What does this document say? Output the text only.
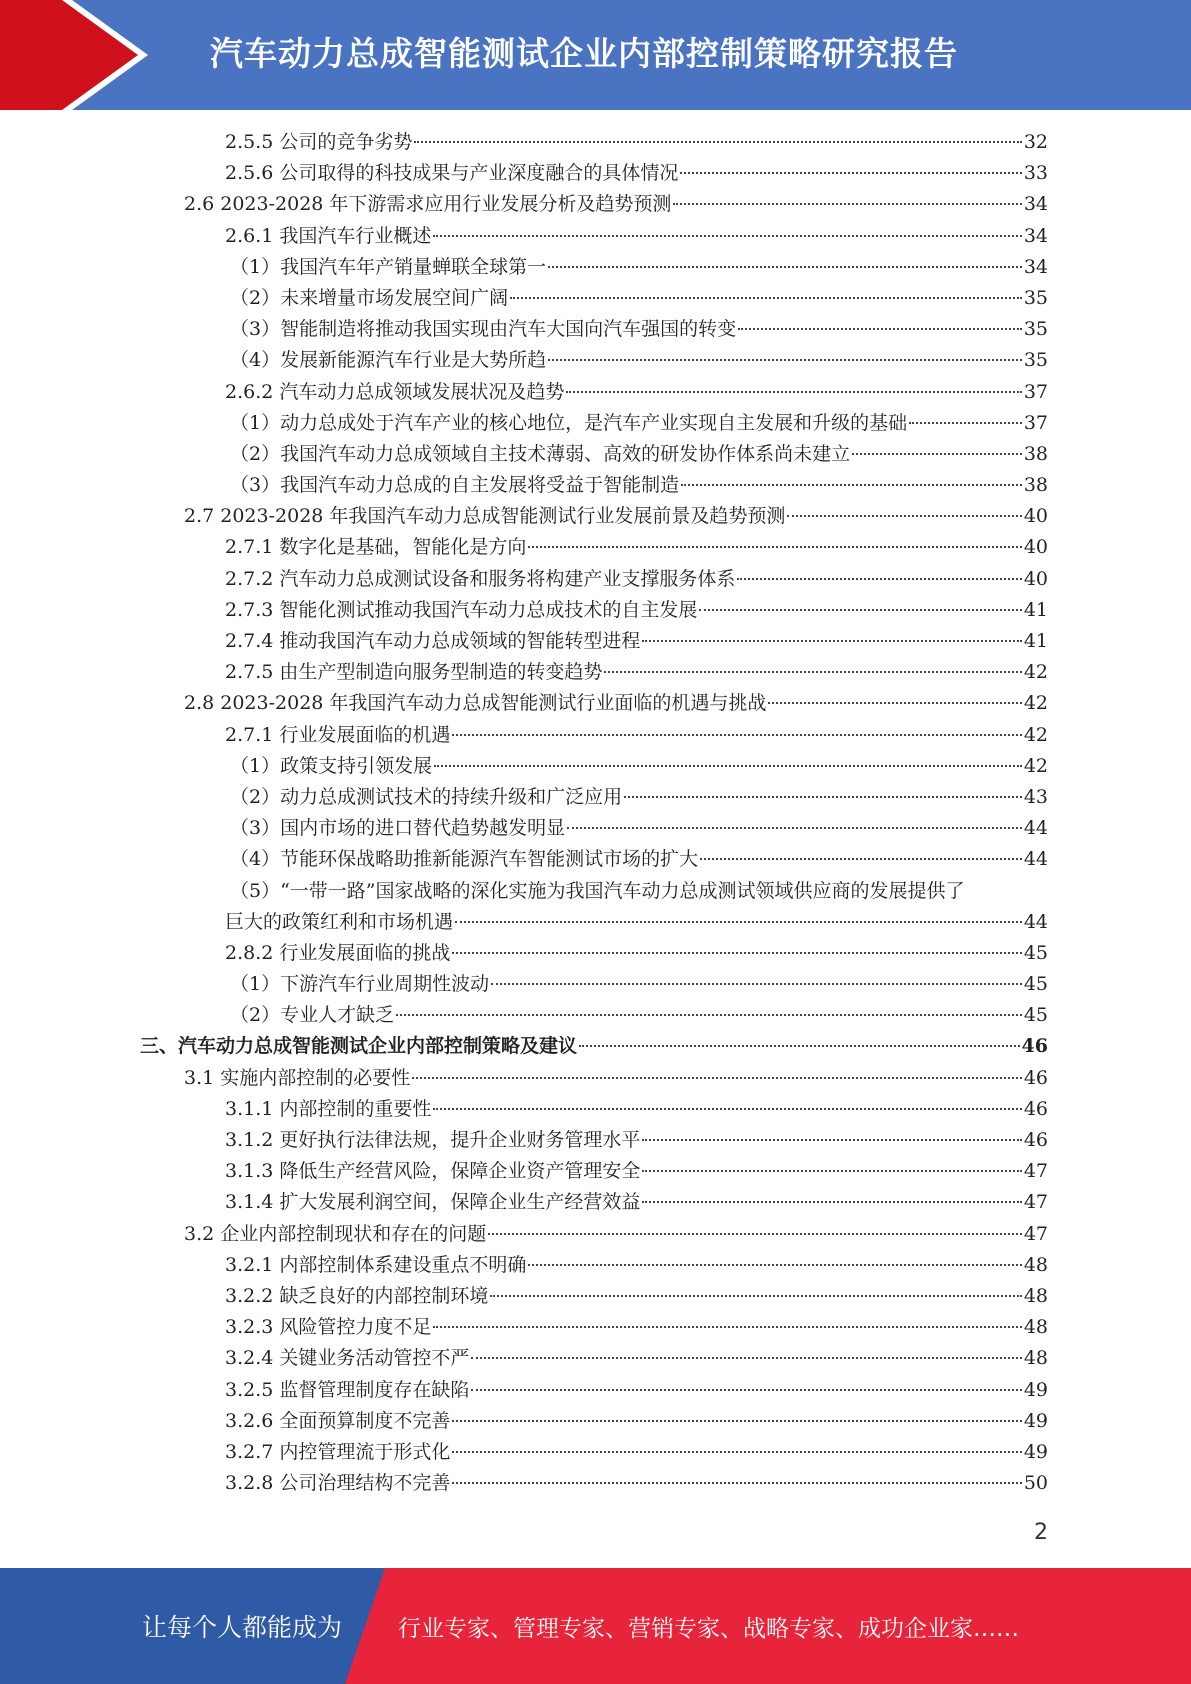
汽车动力总成智能测试企业内部控制策略研究报告
2.5.5 公司的竞争劣势	32
2.5.6 公司取得的科技成果与产业深度融合的具体情况	33
2.6 2023-2028 年下游需求应用行业发展分析及趋势预测	34
2.6.1 我国汽车行业概述	34
（1）我国汽车年产销量蝉联全球第一	34
（2）未来增量市场发展空间广阔	35
（3）智能制造将推动我国实现由汽车大国向汽车强国的转变	35
（4）发展新能源汽车行业是大势所趋	35
2.6.2 汽车动力总成领域发展状况及趋势	37
（1）动力总成处于汽车产业的核心地位，是汽车产业实现自主发展和升级的基础	37
（2）我国汽车动力总成领域自主技术薄弱、高效的研发协作体系尚未建立	38
（3）我国汽车动力总成的自主发展将受益于智能制造	38
2.7 2023-2028 年我国汽车动力总成智能测试行业发展前景及趋势预测	40
2.7.1 数字化是基础，智能化是方向	40
2.7.2 汽车动力总成测试设备和服务将构建产业支撑服务体系	40
2.7.3 智能化测试推动我国汽车动力总成技术的自主发展	41
2.7.4 推动我国汽车动力总成领域的智能转型进程	41
2.7.5 由生产型制造向服务型制造的转变趋势	42
2.8 2023-2028 年我国汽车动力总成智能测试行业面临的机遇与挑战	42
2.7.1 行业发展面临的机遇	42
（1）政策支持引领发展	42
（2）动力总成测试技术的持续升级和广泛应用	43
（3）国内市场的进口替代趋势越发明显	44
（4）节能环保战略助推新能源汽车智能测试市场的扩大	44
（5）“一带一路”国家战略的深化实施为我国汽车动力总成测试领域供应商的发展提供了
巨大的政策红利和市场机遇	44
2.8.2 行业发展面临的挑战	45
（1）下游汽车行业周期性波动	45
（2）专业人才缺乏	45
三、汽车动力总成智能测试企业内部控制策略及建议	46
3.1 实施内部控制的必要性	46
3.1.1 内部控制的重要性	46
3.1.2 更好执行法律法规，提升企业财务管理水平	46
3.1.3 降低生产经营风险，保障企业资产管理安全	47
3.1.4 扩大发展利润空间，保障企业生产经营效益	47
3.2 企业内部控制现状和存在的问题	47
3.2.1 内部控制体系建设重点不明确	48
3.2.2 缺乏良好的内部控制环境	48
3.2.3 风险管控力度不足	48
3.2.4 关键业务活动管控不严	48
3.2.5 监督管理制度存在缺陷	49
3.2.6 全面预算制度不完善	49
3.2.7 内控管理流于形式化	49
3.2.8 公司治理结构不完善	50
2
让每个人都能成为 行业专家、管理专家、营销专家、战略专家、成功企业家……
